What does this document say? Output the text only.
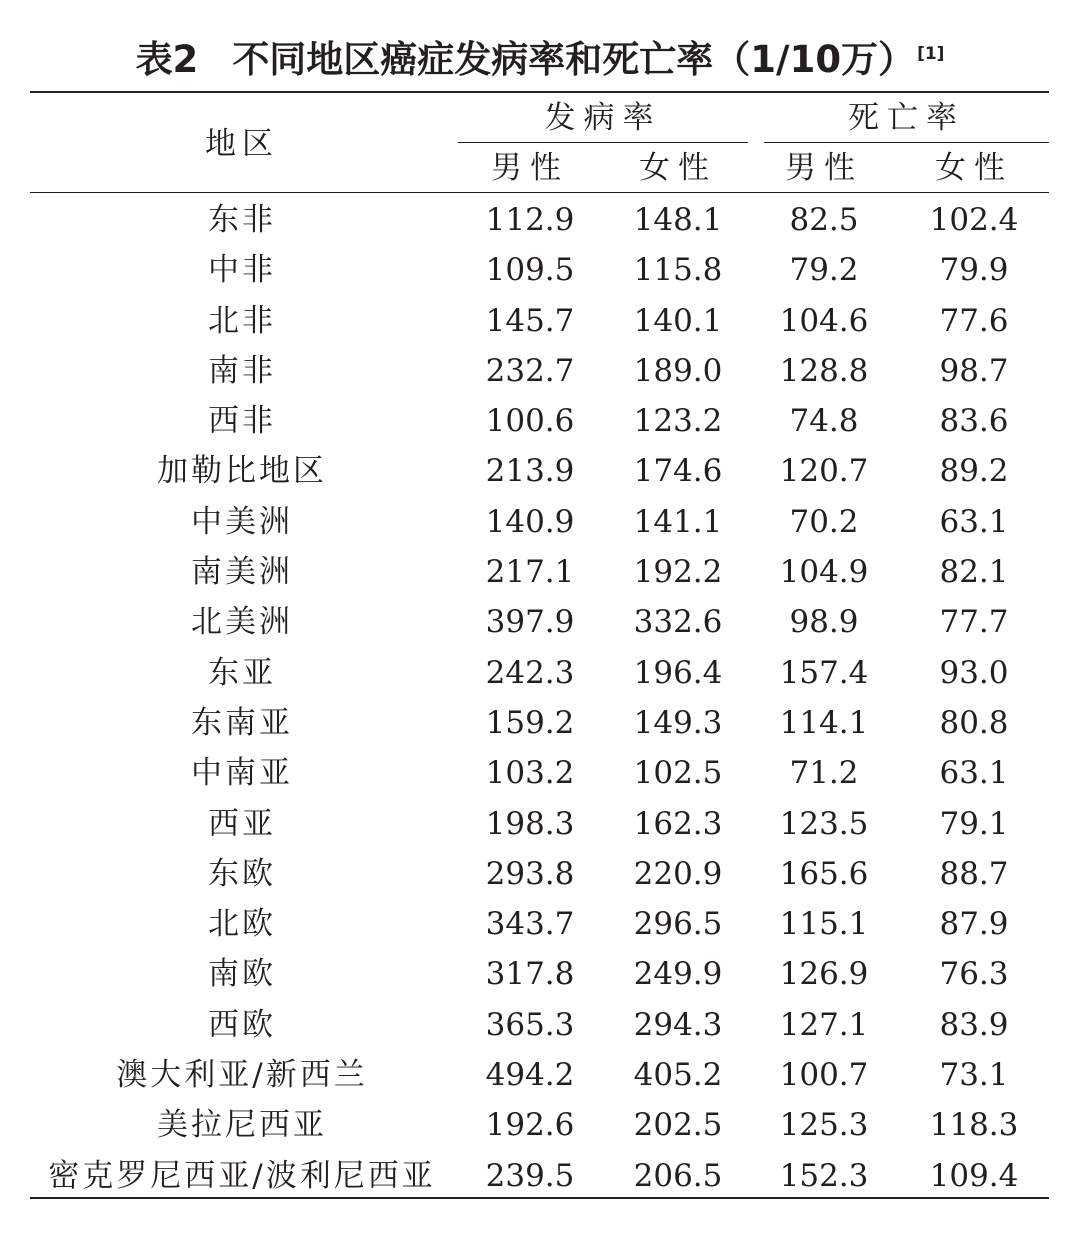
表2 不同地区癌症发病率和死亡率（1/10万） [1]
地区
发病率	死亡率
男性	女性	男性	女性
东非	112.9	148.1	82.5	102.4
中非	109.5	115.8	79.2	79.9
北非	145.7	140.1	104.6	77.6
南非	232.7	189.0	128.8	98.7
西非	100.6	123.2	74.8	83.6
加勒比地区	213.9	174.6	120.7	89.2
中美洲	140.9	141.1	70.2	63.1
南美洲	217.1	192.2	104.9	82.1
北美洲	397.9	332.6	98.9	77.7
东亚	242.3	196.4	157.4	93.0
东南亚	159.2	149.3	114.1	80.8
中南亚	103.2	102.5	71.2	63.1
西亚	198.3	162.3	123.5	79.1
东欧	293.8	220.9	165.6	88.7
北欧	343.7	296.5	115.1	87.9
南欧	317.8	249.9	126.9	76.3
西欧	365.3	294.3	127.1	83.9
澳大利亚/新西兰	494.2	405.2	100.7	73.1
美拉尼西亚	192.6	202.5	125.3	118.3
密克罗尼西亚/波利尼西亚	239.5	206.5	152.3	109.4
